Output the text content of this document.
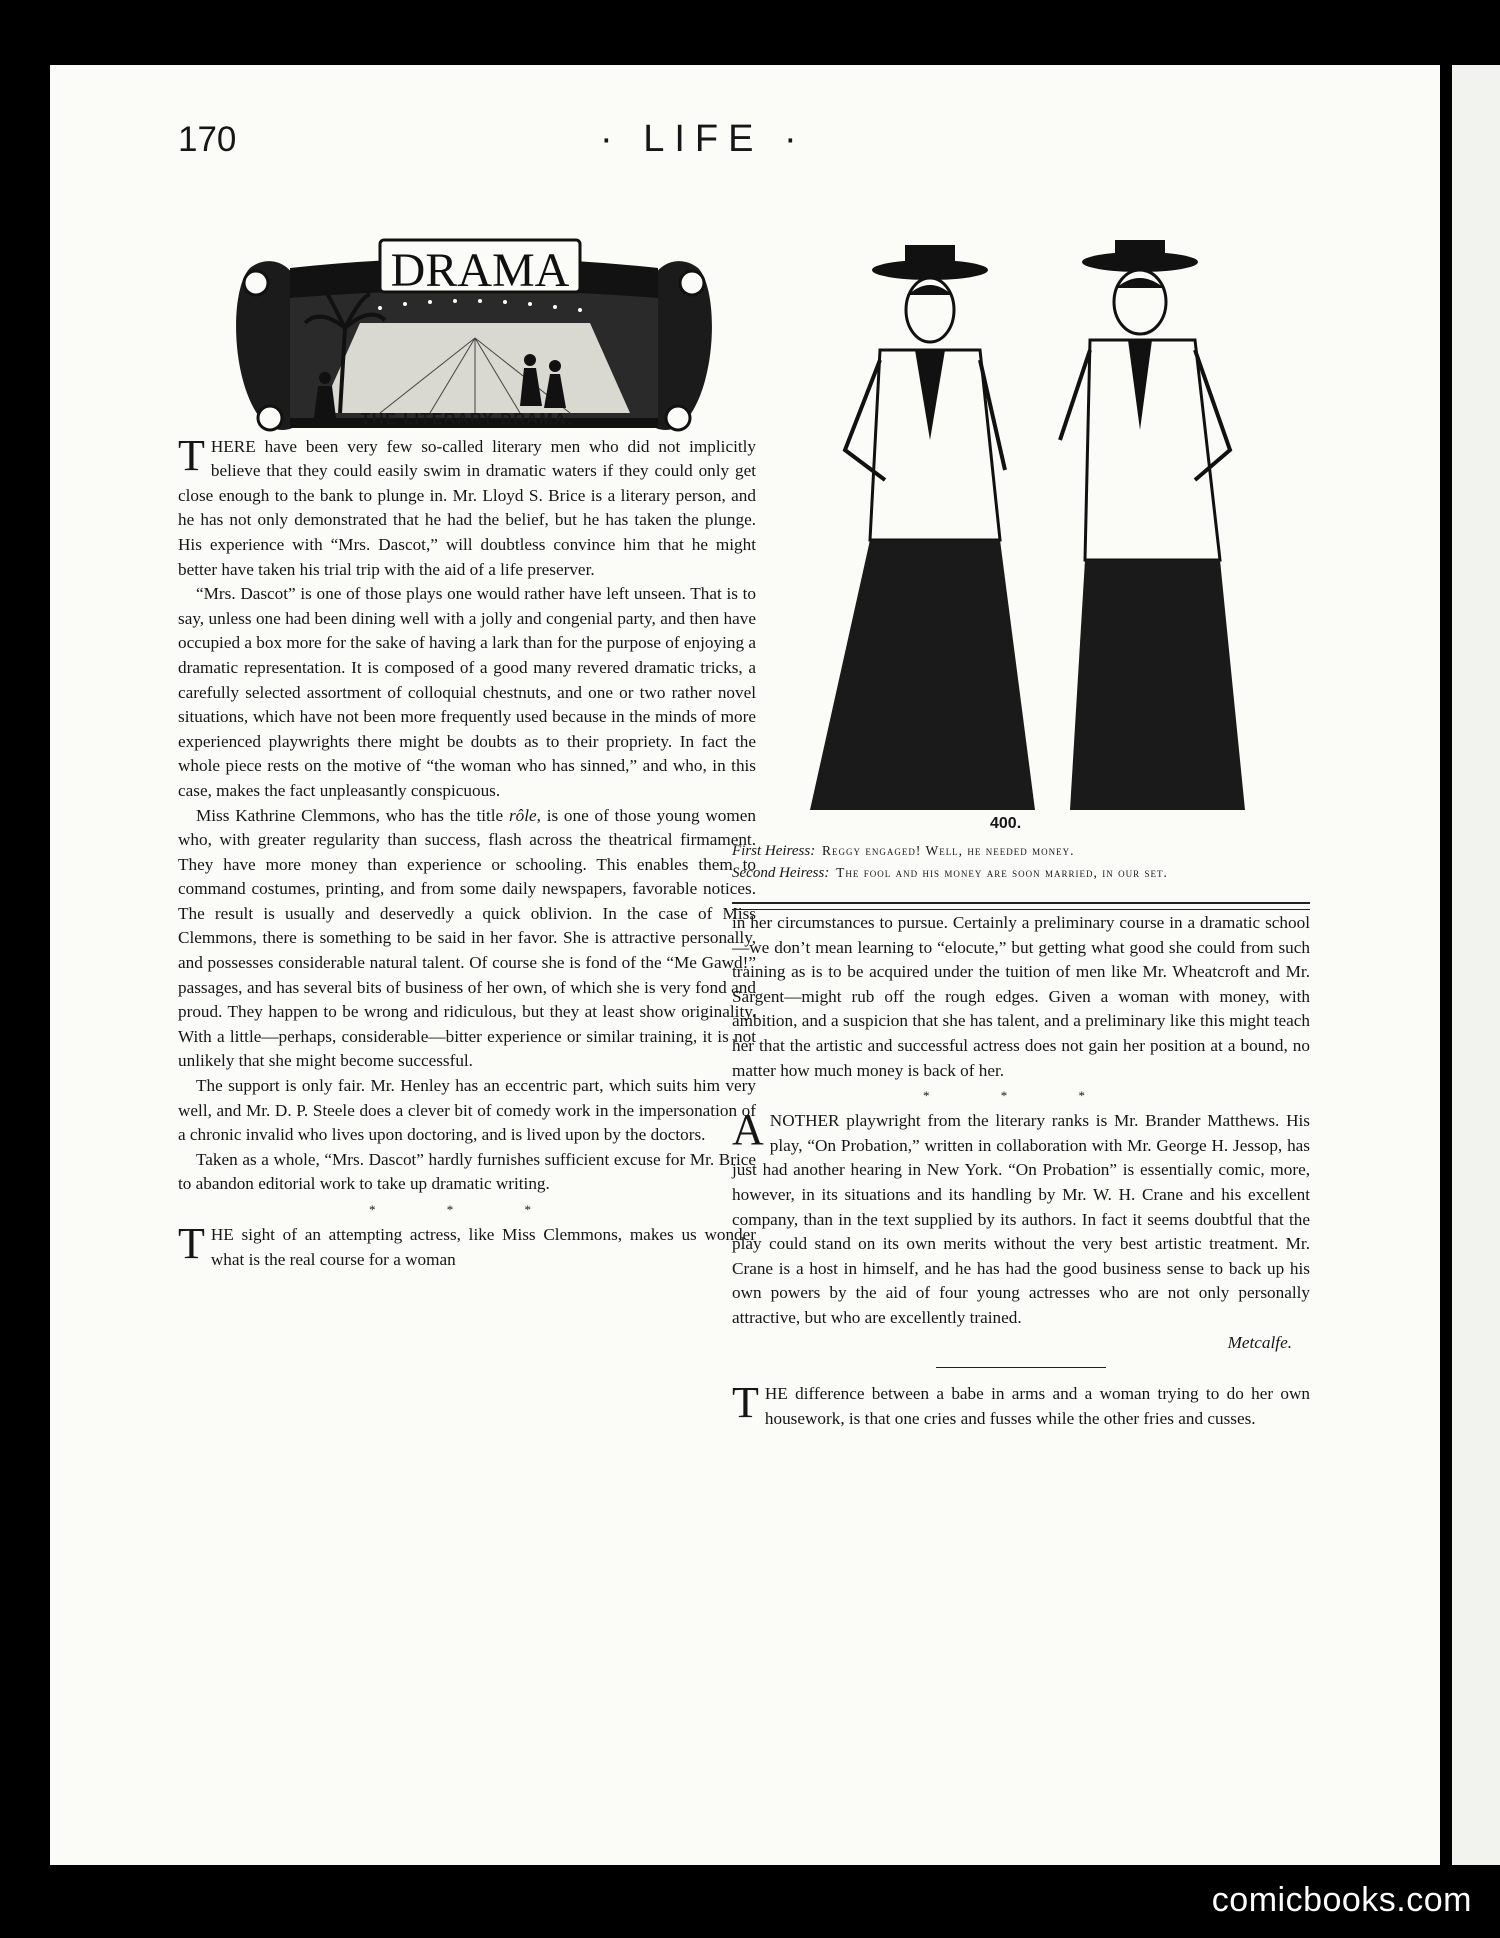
170	· LIFE ·
DRAMA
THE LITERARY DRAMA.

THERE have been very few so-called literary men who did not implicitly believe that they could easily swim in dramatic waters if they could only get close enough to the bank to plunge in. Mr. Lloyd S. Brice is a literary person, and he has not only demonstrated that he had the belief, but he has taken the plunge. His experience with “Mrs. Dascot,” will doubtless convince him that he might better have taken his trial trip with the aid of a life preserver.

“Mrs. Dascot” is one of those plays one would rather have left unseen. That is to say, unless one had been dining well with a jolly and congenial party, and then have occupied a box more for the sake of having a lark than for the purpose of enjoying a dramatic representation. It is composed of a good many revered dramatic tricks, a carefully selected assortment of colloquial chestnuts, and one or two rather novel situations, which have not been more frequently used because in the minds of more experienced playwrights there might be doubts as to their propriety. In fact the whole piece rests on the motive of “the woman who has sinned,” and who, in this case, makes the fact unpleasantly conspicuous.

Miss Kathrine Clemmons, who has the title rôle, is one of those young women who, with greater regularity than success, flash across the theatrical firmament. They have more money than experience or schooling. This enables them to command costumes, printing, and from some daily newspapers, favorable notices. The result is usually and deservedly a quick oblivion. In the case of Miss Clemmons, there is something to be said in her favor. She is attractive personally, and possesses considerable natural talent. Of course she is fond of the “Me Gawd!” passages, and has several bits of business of her own, of which she is very fond and proud. They happen to be wrong and ridiculous, but they at least show originality. With a little—perhaps, considerable—bitter experience or similar training, it is not unlikely that she might become successful.

The support is only fair. Mr. Henley has an eccentric part, which suits him very well, and Mr. D. P. Steele does a clever bit of comedy work in the impersonation of a chronic invalid who lives upon doctoring, and is lived upon by the doctors.

Taken as a whole, “Mrs. Dascot” hardly furnishes sufficient excuse for Mr. Brice to abandon editorial work to take up dramatic writing.

* * *

THE sight of an attempting actress, like Miss Clemmons, makes us wonder what is the real course for a woman

400.
First Heiress: Reggy engaged! Well, he needed money.
Second Heiress: The fool and his money are soon married, in our set.

in her circumstances to pursue. Certainly a preliminary course in a dramatic school—we don’t mean learning to “elocute,” but getting what good she could from such training as is to be acquired under the tuition of men like Mr. Wheatcroft and Mr. Sargent—might rub off the rough edges. Given a woman with money, with ambition, and a suspicion that she has talent, and a preliminary like this might teach her that the artistic and successful actress does not gain her position at a bound, no matter how much money is back of her.

* * *

ANOTHER playwright from the literary ranks is Mr. Brander Matthews. His play, “On Probation,” written in collaboration with Mr. George H. Jessop, has just had another hearing in New York. “On Probation” is essentially comic, more, however, in its situations and its handling by Mr. W. H. Crane and his excellent company, than in the text supplied by its authors. In fact it seems doubtful that the play could stand on its own merits without the very best artistic treatment. Mr. Crane is a host in himself, and he has had the good business sense to back up his own powers by the aid of four young actresses who are not only personally attractive, but who are excellently trained.

Metcalfe.

THE difference between a babe in arms and a woman trying to do her own housework, is that one cries and fusses while the other fries and cusses.

comicbooks.com
